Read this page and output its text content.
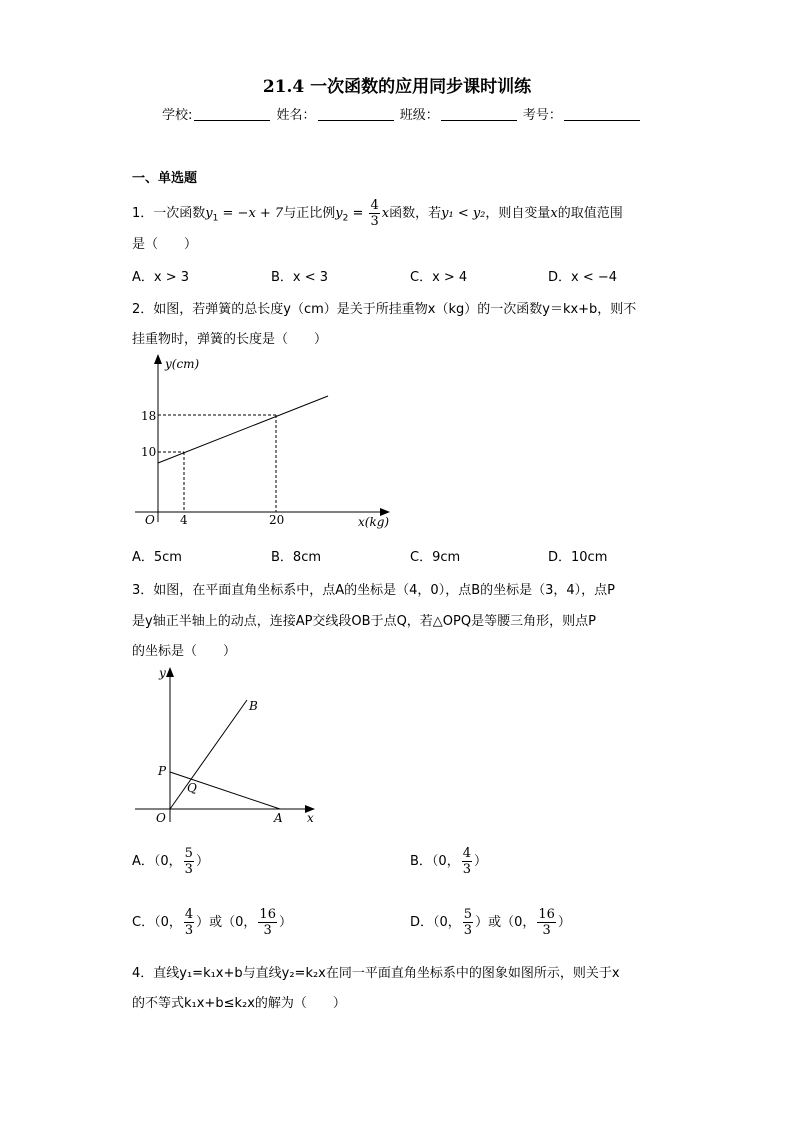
21.4 一次函数的应用同步课时训练
学校:	姓名：	班级：	考号：
一、单选题
1．一次函数$y_1 = -x + 7$与正比例$y_2 = \frac{4}{3}$ x函数，若y₁ < y₂，则自变量x的取值范围
是（　　）
A．x > 3	B．x < 3	C．x > 4	D．x < −4
2．如图，若弹簧的总长度y（cm）是关于所挂重物x（kg）的一次函数y＝kx+b，则不
挂重物时，弹簧的长度是（　　）
y(cm)
x(kg)
O
18
10
4	20
A．5cm	B．8cm	C．9cm	D．10cm
3．如图，在平面直角坐标系中，点A的坐标是（4，0），点B的坐标是（3，4），点P
是y轴正半轴上的动点，连接AP交线段OB于点Q，若△OPQ是等腰三角形，则点P
的坐标是（　　）
y
x
O	A
B
P
Q
A．（0， $\frac{5}{3}$ ）	B．（0， $\frac{4}{3}$ ）
C．（0， $\frac{4}{3}$ ）或（0， $\frac{16}{3}$ ）	D．（0， $\frac{5}{3}$ ）或（0， $\frac{16}{3}$ ）
4．直线y₁=k₁x+b与直线y₂=k₂x在同一平面直角坐标系中的图象如图所示，则关于x
的不等式k₁x+b≤k₂x的解为（　　）
